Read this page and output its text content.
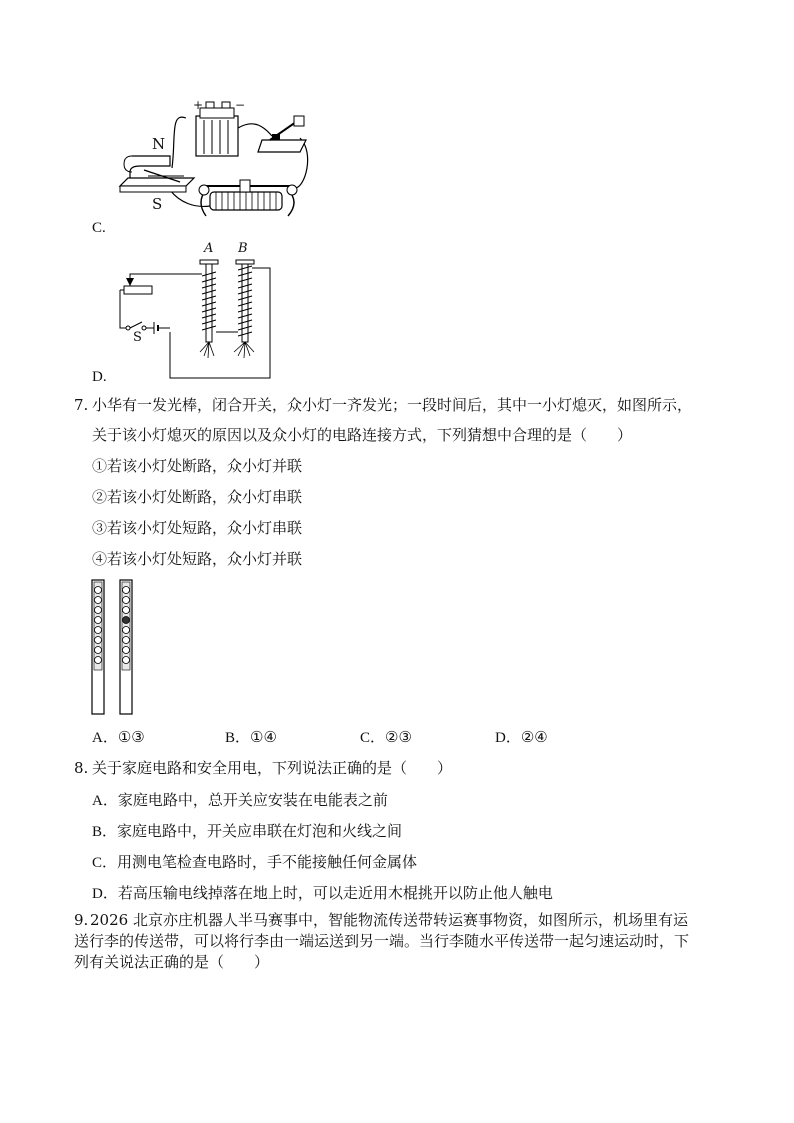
N
S
+	−
C.
A B
S
D.
7. 小华有一发光棒，闭合开关，众小灯一齐发光；一段时间后，其中一小灯熄灭，如图所示，
关于该小灯熄灭的原因以及众小灯的电路连接方式，下列猜想中合理的是（　　）
①若该小灯处断路，众小灯并联
②若该小灯处断路，众小灯串联
③若该小灯处短路，众小灯串联
④若该小灯处短路，众小灯并联
A．①③	B．①④	C．②③	D．②④
8. 关于家庭电路和安全用电，下列说法正确的是（　　）
A．家庭电路中，总开关应安装在电能表之前
B．家庭电路中，开关应串联在灯泡和火线之间
C．用测电笔检查电路时，手不能接触任何金属体
D．若高压输电线掉落在地上时，可以走近用木棍挑开以防止他人触电
9. 2026 北京亦庄机器人半马赛事中，智能物流传送带转运赛事物资，如图所示，机场里有运
送行李的传送带，可以将行李由一端运送到另一端。当行李随水平传送带一起匀速运动时，下
列有关说法正确的是（　　）
